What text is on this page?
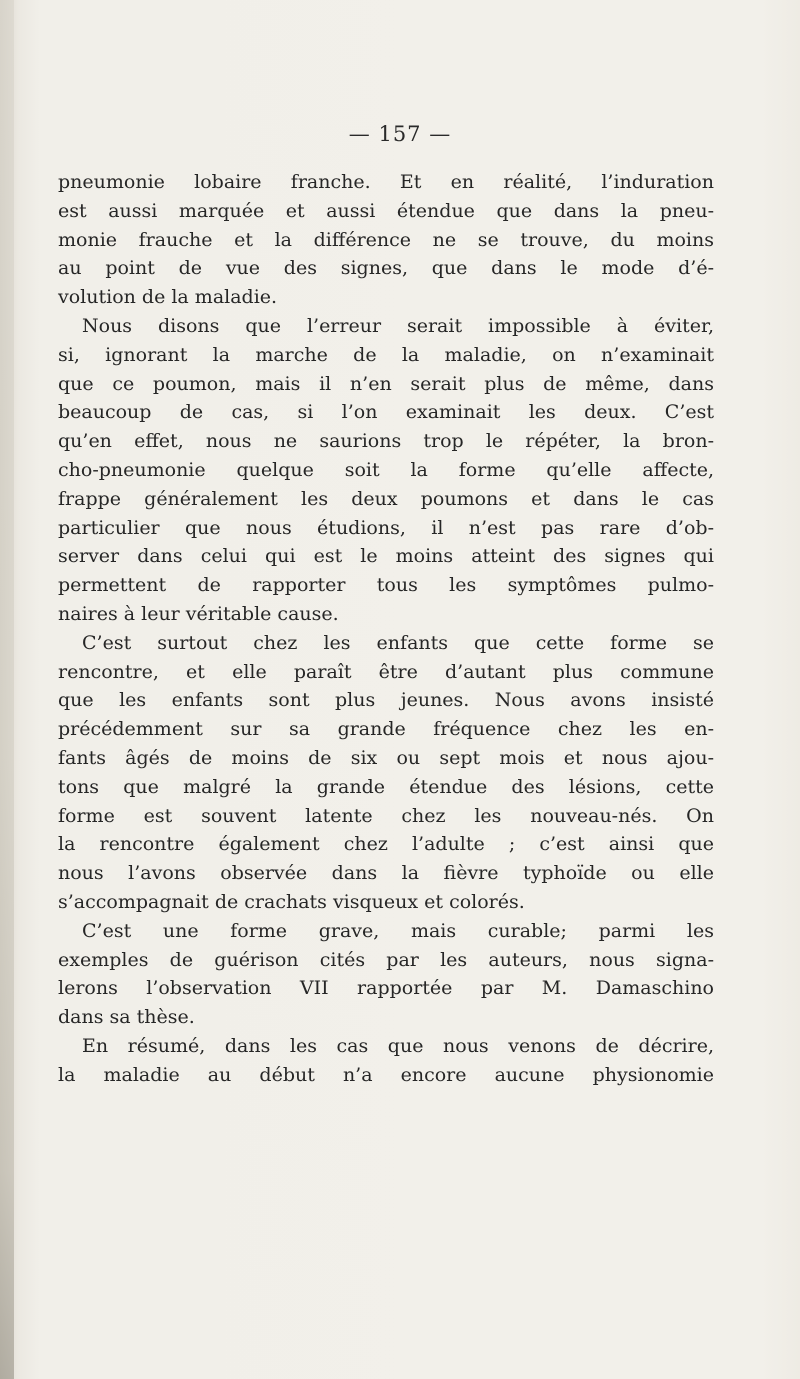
— 157 —
pneumonie lobaire franche. Et en réalité, l’induration
est aussi marquée et aussi étendue que dans la pneu-
monie frauche et la différence ne se trouve, du moins
au point de vue des signes, que dans le mode d’é-
volution de la maladie.
Nous disons que l’erreur serait impossible à éviter,
si, ignorant la marche de la maladie, on n’examinait
que ce poumon, mais il n’en serait plus de même, dans
beaucoup de cas, si l’on examinait les deux. C’est
qu’en effet, nous ne saurions trop le répéter, la bron-
cho-pneumonie quelque soit la forme qu’elle affecte,
frappe généralement les deux poumons et dans le cas
particulier que nous étudions, il n’est pas rare d’ob-
server dans celui qui est le moins atteint des signes qui
permettent de rapporter tous les symptômes pulmo-
naires à leur véritable cause.
C’est surtout chez les enfants que cette forme se
rencontre, et elle paraît être d’autant plus commune
que les enfants sont plus jeunes. Nous avons insisté
précédemment sur sa grande fréquence chez les en-
fants âgés de moins de six ou sept mois et nous ajou-
tons que malgré la grande étendue des lésions, cette
forme est souvent latente chez les nouveau-nés. On
la rencontre également chez l’adulte ; c’est ainsi que
nous l’avons observée dans la fièvre typhoïde ou elle
s’accompagnait de crachats visqueux et colorés.
C’est une forme grave, mais curable; parmi les
exemples de guérison cités par les auteurs, nous signa-
lerons l’observation VII rapportée par M. Damaschino
dans sa thèse.
En résumé, dans les cas que nous venons de décrire,
la maladie au début n’a encore aucune physionomie
